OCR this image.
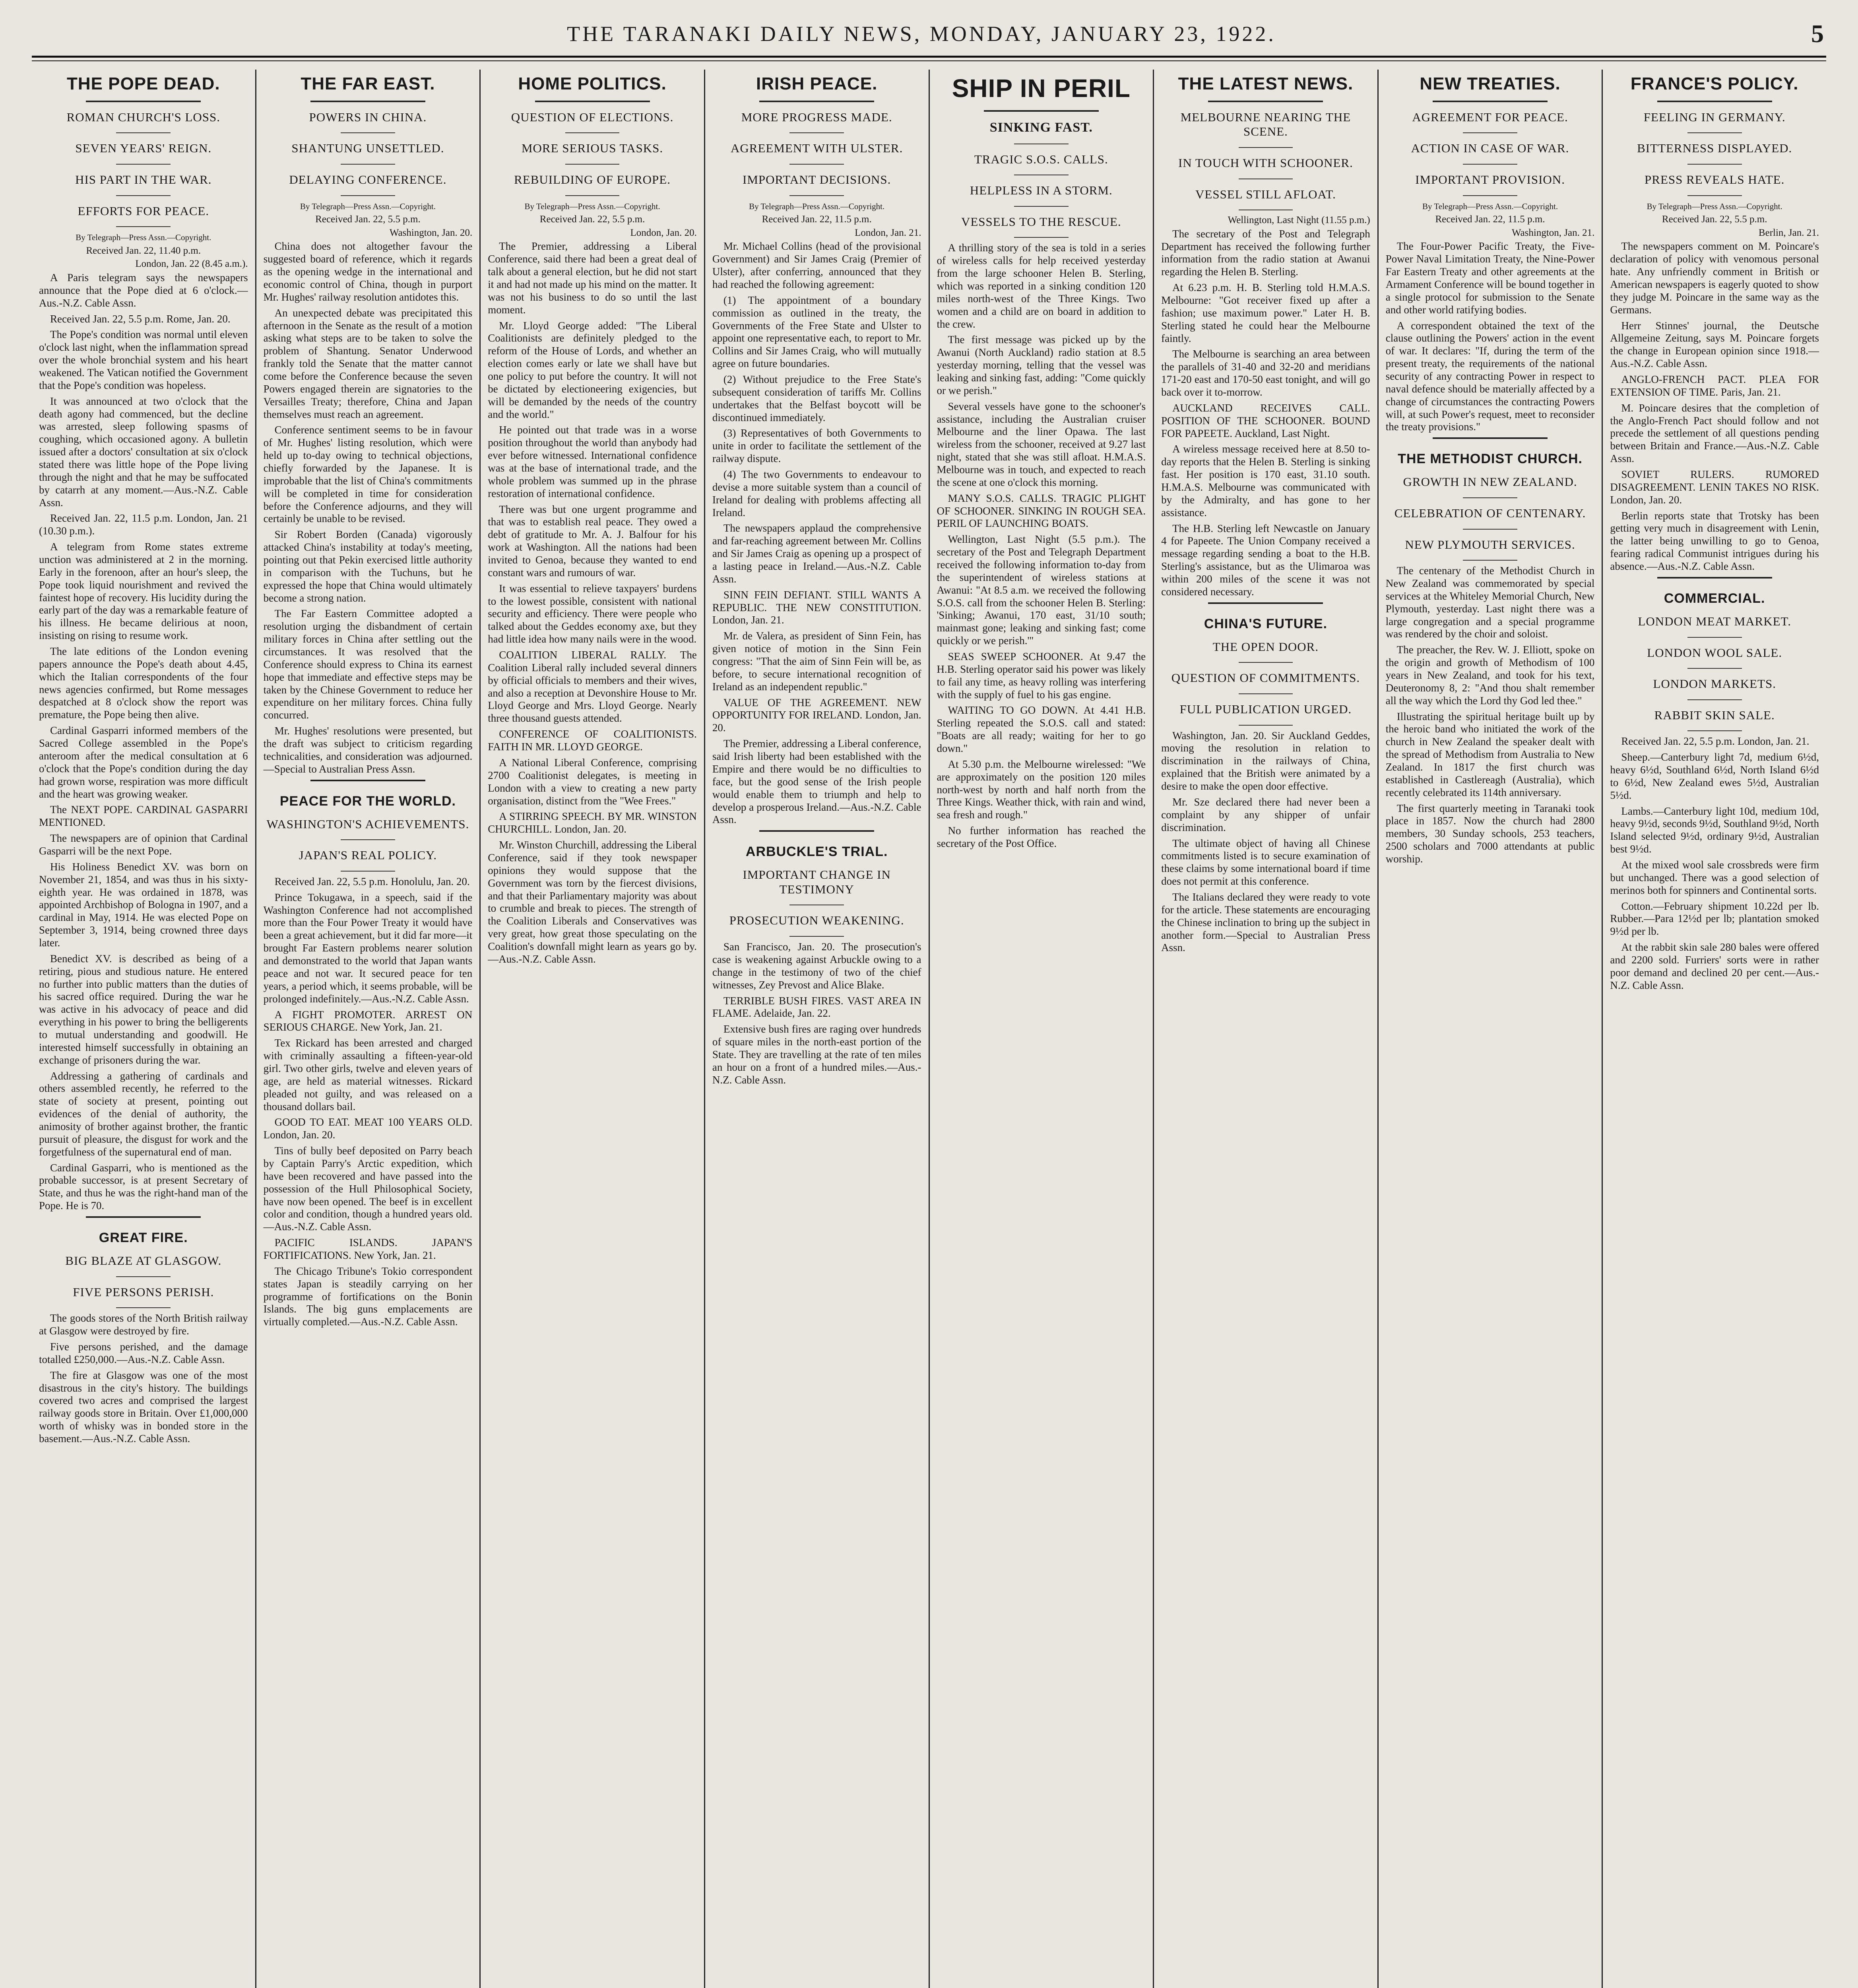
THE TARANAKI DAILY NEWS, MONDAY, JANUARY 23, 1922.	5
THE POPE DEAD.
ROMAN CHURCH'S LOSS.
SEVEN YEARS' REIGN.
HIS PART IN THE WAR.
EFFORTS FOR PEACE.
By Telegraph—Press Assn.—Copyright.
Received Jan. 22, 11.40 p.m.
London, Jan. 22 (8.45 a.m.).

A Paris telegram says the newspapers announce that the Pope died at 6 o'clock.—Aus.-N.Z. Cable Assn.

Received Jan. 22, 5.5 p.m. Rome, Jan. 20.

The Pope's condition was normal until eleven o'clock last night, when the inflammation spread over the whole bronchial system and his heart weakened. The Vatican notified the Government that the Pope's condition was hopeless.

It was announced at two o'clock that the death agony had commenced, but the decline was arrested, sleep following spasms of coughing, which occasioned agony. A bulletin issued after a doctors' consultation at six o'clock stated there was little hope of the Pope living through the night and that he may be suffocated by catarrh at any moment.—Aus.-N.Z. Cable Assn.

Received Jan. 22, 11.5 p.m. London, Jan. 21 (10.30 p.m.).

A telegram from Rome states extreme unction was administered at 2 in the morning. Early in the forenoon, after an hour's sleep, the Pope took liquid nourishment and revived the faintest hope of recovery. His lucidity during the early part of the day was a remarkable feature of his illness. He became delirious at noon, insisting on rising to resume work.

The late editions of the London evening papers announce the Pope's death about 4.45, which the Italian correspondents of the four news agencies confirmed, but Rome messages despatched at 8 o'clock show the report was premature, the Pope being then alive.

Cardinal Gasparri informed members of the Sacred College assembled in the Pope's anteroom after the medical consultation at 6 o'clock that the Pope's condition during the day had grown worse, respiration was more difficult and the heart was growing weaker.

The NEXT POPE. CARDINAL GASPARRI MENTIONED.

The newspapers are of opinion that Cardinal Gasparri will be the next Pope.

His Holiness Benedict XV. was born on November 21, 1854, and was thus in his sixty-eighth year. He was ordained in 1878, was appointed Archbishop of Bologna in 1907, and a cardinal in May, 1914. He was elected Pope on September 3, 1914, being crowned three days later.

Benedict XV. is described as being of a retiring, pious and studious nature. He entered no further into public matters than the duties of his sacred office required. During the war he was active in his advocacy of peace and did everything in his power to bring the belligerents to mutual understanding and goodwill. He interested himself successfully in obtaining an exchange of prisoners during the war.

Addressing a gathering of cardinals and others assembled recently, he referred to the state of society at present, pointing out evidences of the denial of authority, the animosity of brother against brother, the frantic pursuit of pleasure, the disgust for work and the forgetfulness of the supernatural end of man.

Cardinal Gasparri, who is mentioned as the probable successor, is at present Secretary of State, and thus he was the right-hand man of the Pope. He is 70.

GREAT FIRE.
BIG BLAZE AT GLASGOW.
FIVE PERSONS PERISH.

The goods stores of the North British railway at Glasgow were destroyed by fire.

Five persons perished, and the damage totalled £250,000.—Aus.-N.Z. Cable Assn.

The fire at Glasgow was one of the most disastrous in the city's history. The buildings covered two acres and comprised the largest railway goods store in Britain. Over £1,000,000 worth of whisky was in bonded store in the basement.—Aus.-N.Z. Cable Assn.

THE FAR EAST.
POWERS IN CHINA.
SHANTUNG UNSETTLED.
DELAYING CONFERENCE.
By Telegraph—Press Assn.—Copyright.
Received Jan. 22, 5.5 p.m.
Washington, Jan. 20.

China does not altogether favour the suggested board of reference, which it regards as the opening wedge in the international and economic control of China, though in purport Mr. Hughes' railway resolution antidotes this.

An unexpected debate was precipitated this afternoon in the Senate as the result of a motion asking what steps are to be taken to solve the problem of Shantung. Senator Underwood frankly told the Senate that the matter cannot come before the Conference because the seven Powers engaged therein are signatories to the Versailles Treaty; therefore, China and Japan themselves must reach an agreement.

Conference sentiment seems to be in favour of Mr. Hughes' listing resolution, which were held up to-day owing to technical objections, chiefly forwarded by the Japanese. It is improbable that the list of China's commitments will be completed in time for consideration before the Conference adjourns, and they will certainly be unable to be revised.

Sir Robert Borden (Canada) vigorously attacked China's instability at today's meeting, pointing out that Pekin exercised little authority in comparison with the Tuchuns, but he expressed the hope that China would ultimately become a strong nation.

The Far Eastern Committee adopted a resolution urging the disbandment of certain military forces in China after settling out the circumstances. It was resolved that the Conference should express to China its earnest hope that immediate and effective steps may be taken by the Chinese Government to reduce her expenditure on her military forces. China fully concurred.

Mr. Hughes' resolutions were presented, but the draft was subject to criticism regarding technicalities, and consideration was adjourned.—Special to Australian Press Assn.

PEACE FOR THE WORLD.
WASHINGTON'S ACHIEVEMENTS.
JAPAN'S REAL POLICY.

Received Jan. 22, 5.5 p.m. Honolulu, Jan. 20.

Prince Tokugawa, in a speech, said if the Washington Conference had not accomplished more than the Four Power Treaty it would have been a great achievement, but it did far more—it brought Far Eastern problems nearer solution and demonstrated to the world that Japan wants peace and not war. It secured peace for ten years, a period which, it seems probable, will be prolonged indefinitely.—Aus.-N.Z. Cable Assn.

A FIGHT PROMOTER. ARREST ON SERIOUS CHARGE. New York, Jan. 21.

Tex Rickard has been arrested and charged with criminally assaulting a fifteen-year-old girl. Two other girls, twelve and eleven years of age, are held as material witnesses. Rickard pleaded not guilty, and was released on a thousand dollars bail.

GOOD TO EAT. MEAT 100 YEARS OLD. London, Jan. 20.

Tins of bully beef deposited on Parry beach by Captain Parry's Arctic expedition, which have been recovered and have passed into the possession of the Hull Philosophical Society, have now been opened. The beef is in excellent color and condition, though a hundred years old.—Aus.-N.Z. Cable Assn.

PACIFIC ISLANDS. JAPAN'S FORTIFICATIONS. New York, Jan. 21.

The Chicago Tribune's Tokio correspondent states Japan is steadily carrying on her programme of fortifications on the Bonin Islands. The big guns emplacements are virtually completed.—Aus.-N.Z. Cable Assn.

HOME POLITICS.
QUESTION OF ELECTIONS.
MORE SERIOUS TASKS.
REBUILDING OF EUROPE.
By Telegraph—Press Assn.—Copyright.
Received Jan. 22, 5.5 p.m.
London, Jan. 20.

The Premier, addressing a Liberal Conference, said there had been a great deal of talk about a general election, but he did not start it and had not made up his mind on the matter. It was not his business to do so until the last moment.

Mr. Lloyd George added: "The Liberal Coalitionists are definitely pledged to the reform of the House of Lords, and whether an election comes early or late we shall have but one policy to put before the country. It will not be dictated by electioneering exigencies, but will be demanded by the needs of the country and the world."

He pointed out that trade was in a worse position throughout the world than anybody had ever before witnessed. International confidence was at the base of international trade, and the whole problem was summed up in the phrase restoration of international confidence.

There was but one urgent programme and that was to establish real peace. They owed a debt of gratitude to Mr. A. J. Balfour for his work at Washington. All the nations had been invited to Genoa, because they wanted to end constant wars and rumours of war.

It was essential to relieve taxpayers' burdens to the lowest possible, consistent with national security and efficiency. There were people who talked about the Geddes economy axe, but they had little idea how many nails were in the wood.

COALITION LIBERAL RALLY. The Coalition Liberal rally included several dinners by official officials to members and their wives, and also a reception at Devonshire House to Mr. Lloyd George and Mrs. Lloyd George. Nearly three thousand guests attended.

CONFERENCE OF COALITIONISTS. FAITH IN MR. LLOYD GEORGE.

A National Liberal Conference, comprising 2700 Coalitionist delegates, is meeting in London with a view to creating a new party organisation, distinct from the "Wee Frees."

A STIRRING SPEECH. BY MR. WINSTON CHURCHILL. London, Jan. 20.

Mr. Winston Churchill, addressing the Liberal Conference, said if they took newspaper opinions they would suppose that the Government was torn by the fiercest divisions, and that their Parliamentary majority was about to crumble and break to pieces. The strength of the Coalition Liberals and Conservatives was very great, how great those speculating on the Coalition's downfall might learn as years go by.—Aus.-N.Z. Cable Assn.

IRISH PEACE.
MORE PROGRESS MADE.
AGREEMENT WITH ULSTER.
IMPORTANT DECISIONS.
By Telegraph—Press Assn.—Copyright.
Received Jan. 22, 11.5 p.m.
London, Jan. 21.

Mr. Michael Collins (head of the provisional Government) and Sir James Craig (Premier of Ulster), after conferring, announced that they had reached the following agreement:

(1) The appointment of a boundary commission as outlined in the treaty, the Governments of the Free State and Ulster to appoint one representative each, to report to Mr. Collins and Sir James Craig, who will mutually agree on future boundaries.

(2) Without prejudice to the Free State's subsequent consideration of tariffs Mr. Collins undertakes that the Belfast boycott will be discontinued immediately.

(3) Representatives of both Governments to unite in order to facilitate the settlement of the railway dispute.

(4) The two Governments to endeavour to devise a more suitable system than a council of Ireland for dealing with problems affecting all Ireland.

The newspapers applaud the comprehensive and far-reaching agreement between Mr. Collins and Sir James Craig as opening up a prospect of a lasting peace in Ireland.—Aus.-N.Z. Cable Assn.

SINN FEIN DEFIANT. STILL WANTS A REPUBLIC. THE NEW CONSTITUTION. London, Jan. 21.

Mr. de Valera, as president of Sinn Fein, has given notice of motion in the Sinn Fein congress: "That the aim of Sinn Fein will be, as before, to secure international recognition of Ireland as an independent republic."

VALUE OF THE AGREEMENT. NEW OPPORTUNITY FOR IRELAND. London, Jan. 20.

The Premier, addressing a Liberal conference, said Irish liberty had been established with the Empire and there would be no difficulties to face, but the good sense of the Irish people would enable them to triumph and help to develop a prosperous Ireland.—Aus.-N.Z. Cable Assn.

ARBUCKLE'S TRIAL.
IMPORTANT CHANGE IN TESTIMONY
PROSECUTION WEAKENING.

San Francisco, Jan. 20. The prosecution's case is weakening against Arbuckle owing to a change in the testimony of two of the chief witnesses, Zey Prevost and Alice Blake.

TERRIBLE BUSH FIRES. VAST AREA IN FLAME. Adelaide, Jan. 22.

Extensive bush fires are raging over hundreds of square miles in the north-east portion of the State. They are travelling at the rate of ten miles an hour on a front of a hundred miles.—Aus.-N.Z. Cable Assn.

SHIP IN PERIL
SINKING FAST.
TRAGIC S.O.S. CALLS.
HELPLESS IN A STORM.
VESSELS TO THE RESCUE.

A thrilling story of the sea is told in a series of wireless calls for help received yesterday from the large schooner Helen B. Sterling, which was reported in a sinking condition 120 miles north-west of the Three Kings. Two women and a child are on board in addition to the crew.

The first message was picked up by the Awanui (North Auckland) radio station at 8.5 yesterday morning, telling that the vessel was leaking and sinking fast, adding: "Come quickly or we perish."

Several vessels have gone to the schooner's assistance, including the Australian cruiser Melbourne and the liner Opawa. The last wireless from the schooner, received at 9.27 last night, stated that she was still afloat. H.M.A.S. Melbourne was in touch, and expected to reach the scene at one o'clock this morning.

MANY S.O.S. CALLS. TRAGIC PLIGHT OF SCHOONER. SINKING IN ROUGH SEA. PERIL OF LAUNCHING BOATS.

Wellington, Last Night (5.5 p.m.). The secretary of the Post and Telegraph Department received the following information to-day from the superintendent of wireless stations at Awanui: "At 8.5 a.m. we received the following S.O.S. call from the schooner Helen B. Sterling: 'Sinking; Awanui, 170 east, 31/10 south; mainmast gone; leaking and sinking fast; come quickly or we perish.'"

SEAS SWEEP SCHOONER. At 9.47 the H.B. Sterling operator said his power was likely to fail any time, as heavy rolling was interfering with the supply of fuel to his gas engine.

WAITING TO GO DOWN. At 4.41 H.B. Sterling repeated the S.O.S. call and stated: "Boats are all ready; waiting for her to go down."

At 5.30 p.m. the Melbourne wirelessed: "We are approximately on the position 120 miles north-west by north and half north from the Three Kings. Weather thick, with rain and wind, sea fresh and rough."

No further information has reached the secretary of the Post Office.

THE LATEST NEWS.
MELBOURNE NEARING THE SCENE.
IN TOUCH WITH SCHOONER.
VESSEL STILL AFLOAT.
Wellington, Last Night (11.55 p.m.)

The secretary of the Post and Telegraph Department has received the following further information from the radio station at Awanui regarding the Helen B. Sterling.

At 6.23 p.m. H. B. Sterling told H.M.A.S. Melbourne: "Got receiver fixed up after a fashion; use maximum power." Later H. B. Sterling stated he could hear the Melbourne faintly.

The Melbourne is searching an area between the parallels of 31-40 and 32-20 and meridians 171-20 east and 170-50 east tonight, and will go back over it to-morrow.

AUCKLAND RECEIVES CALL. POSITION OF THE SCHOONER. BOUND FOR PAPEETE. Auckland, Last Night.

A wireless message received here at 8.50 to-day reports that the Helen B. Sterling is sinking fast. Her position is 170 east, 31.10 south. H.M.A.S. Melbourne was communicated with by the Admiralty, and has gone to her assistance.

The H.B. Sterling left Newcastle on January 4 for Papeete. The Union Company received a message regarding sending a boat to the H.B. Sterling's assistance, but as the Ulimaroa was within 200 miles of the scene it was not considered necessary.

CHINA'S FUTURE.
THE OPEN DOOR.
QUESTION OF COMMITMENTS.
FULL PUBLICATION URGED.

Washington, Jan. 20. Sir Auckland Geddes, moving the resolution in relation to discrimination in the railways of China, explained that the British were animated by a desire to make the open door effective.

Mr. Sze declared there had never been a complaint by any shipper of unfair discrimination.

The ultimate object of having all Chinese commitments listed is to secure examination of these claims by some international board if time does not permit at this conference.

The Italians declared they were ready to vote for the article. These statements are encouraging the Chinese inclination to bring up the subject in another form.—Special to Australian Press Assn.

NEW TREATIES.
AGREEMENT FOR PEACE.
ACTION IN CASE OF WAR.
IMPORTANT PROVISION.
By Telegraph—Press Assn.—Copyright.
Received Jan. 22, 11.5 p.m.
Washington, Jan. 21.

The Four-Power Pacific Treaty, the Five-Power Naval Limitation Treaty, the Nine-Power Far Eastern Treaty and other agreements at the Armament Conference will be bound together in a single protocol for submission to the Senate and other world ratifying bodies.

A correspondent obtained the text of the clause outlining the Powers' action in the event of war. It declares: "If, during the term of the present treaty, the requirements of the national security of any contracting Power in respect to naval defence should be materially affected by a change of circumstances the contracting Powers will, at such Power's request, meet to reconsider the treaty provisions."

THE METHODIST CHURCH.
GROWTH IN NEW ZEALAND.
CELEBRATION OF CENTENARY.
NEW PLYMOUTH SERVICES.

The centenary of the Methodist Church in New Zealand was commemorated by special services at the Whiteley Memorial Church, New Plymouth, yesterday. Last night there was a large congregation and a special programme was rendered by the choir and soloist.

The preacher, the Rev. W. J. Elliott, spoke on the origin and growth of Methodism of 100 years in New Zealand, and took for his text, Deuteronomy 8, 2: "And thou shalt remember all the way which the Lord thy God led thee."

Illustrating the spiritual heritage built up by the heroic band who initiated the work of the church in New Zealand the speaker dealt with the spread of Methodism from Australia to New Zealand. In 1817 the first church was established in Castlereagh (Australia), which recently celebrated its 114th anniversary.

The first quarterly meeting in Taranaki took place in 1857. Now the church had 2800 members, 30 Sunday schools, 253 teachers, 2500 scholars and 7000 attendants at public worship.

FRANCE'S POLICY.
FEELING IN GERMANY.
BITTERNESS DISPLAYED.
PRESS REVEALS HATE.
By Telegraph—Press Assn.—Copyright.
Received Jan. 22, 5.5 p.m.
Berlin, Jan. 21.

The newspapers comment on M. Poincare's declaration of policy with venomous personal hate. Any unfriendly comment in British or American newspapers is eagerly quoted to show they judge M. Poincare in the same way as the Germans.

Herr Stinnes' journal, the Deutsche Allgemeine Zeitung, says M. Poincare forgets the change in European opinion since 1918.—Aus.-N.Z. Cable Assn.

ANGLO-FRENCH PACT. PLEA FOR EXTENSION OF TIME. Paris, Jan. 21.

M. Poincare desires that the completion of the Anglo-French Pact should follow and not precede the settlement of all questions pending between Britain and France.—Aus.-N.Z. Cable Assn.

SOVIET RULERS. RUMORED DISAGREEMENT. LENIN TAKES NO RISK. London, Jan. 20.

Berlin reports state that Trotsky has been getting very much in disagreement with Lenin, the latter being unwilling to go to Genoa, fearing radical Communist intrigues during his absence.—Aus.-N.Z. Cable Assn.

COMMERCIAL.
LONDON MEAT MARKET.
LONDON WOOL SALE.
LONDON MARKETS.
RABBIT SKIN SALE.

Received Jan. 22, 5.5 p.m. London, Jan. 21.

Sheep.—Canterbury light 7d, medium 6½d, heavy 6½d, Southland 6½d, North Island 6½d to 6½d, New Zealand ewes 5½d, Australian 5½d.

Lambs.—Canterbury light 10d, medium 10d, heavy 9½d, seconds 9½d, Southland 9½d, North Island selected 9½d, ordinary 9½d, Australian best 9½d.

At the mixed wool sale crossbreds were firm but unchanged. There was a good selection of merinos both for spinners and Continental sorts.

Cotton.—February shipment 10.22d per lb. Rubber.—Para 12½d per lb; plantation smoked 9½d per lb.

At the rabbit skin sale 280 bales were offered and 2200 sold. Furriers' sorts were in rather poor demand and declined 20 per cent.—Aus.-N.Z. Cable Assn.
